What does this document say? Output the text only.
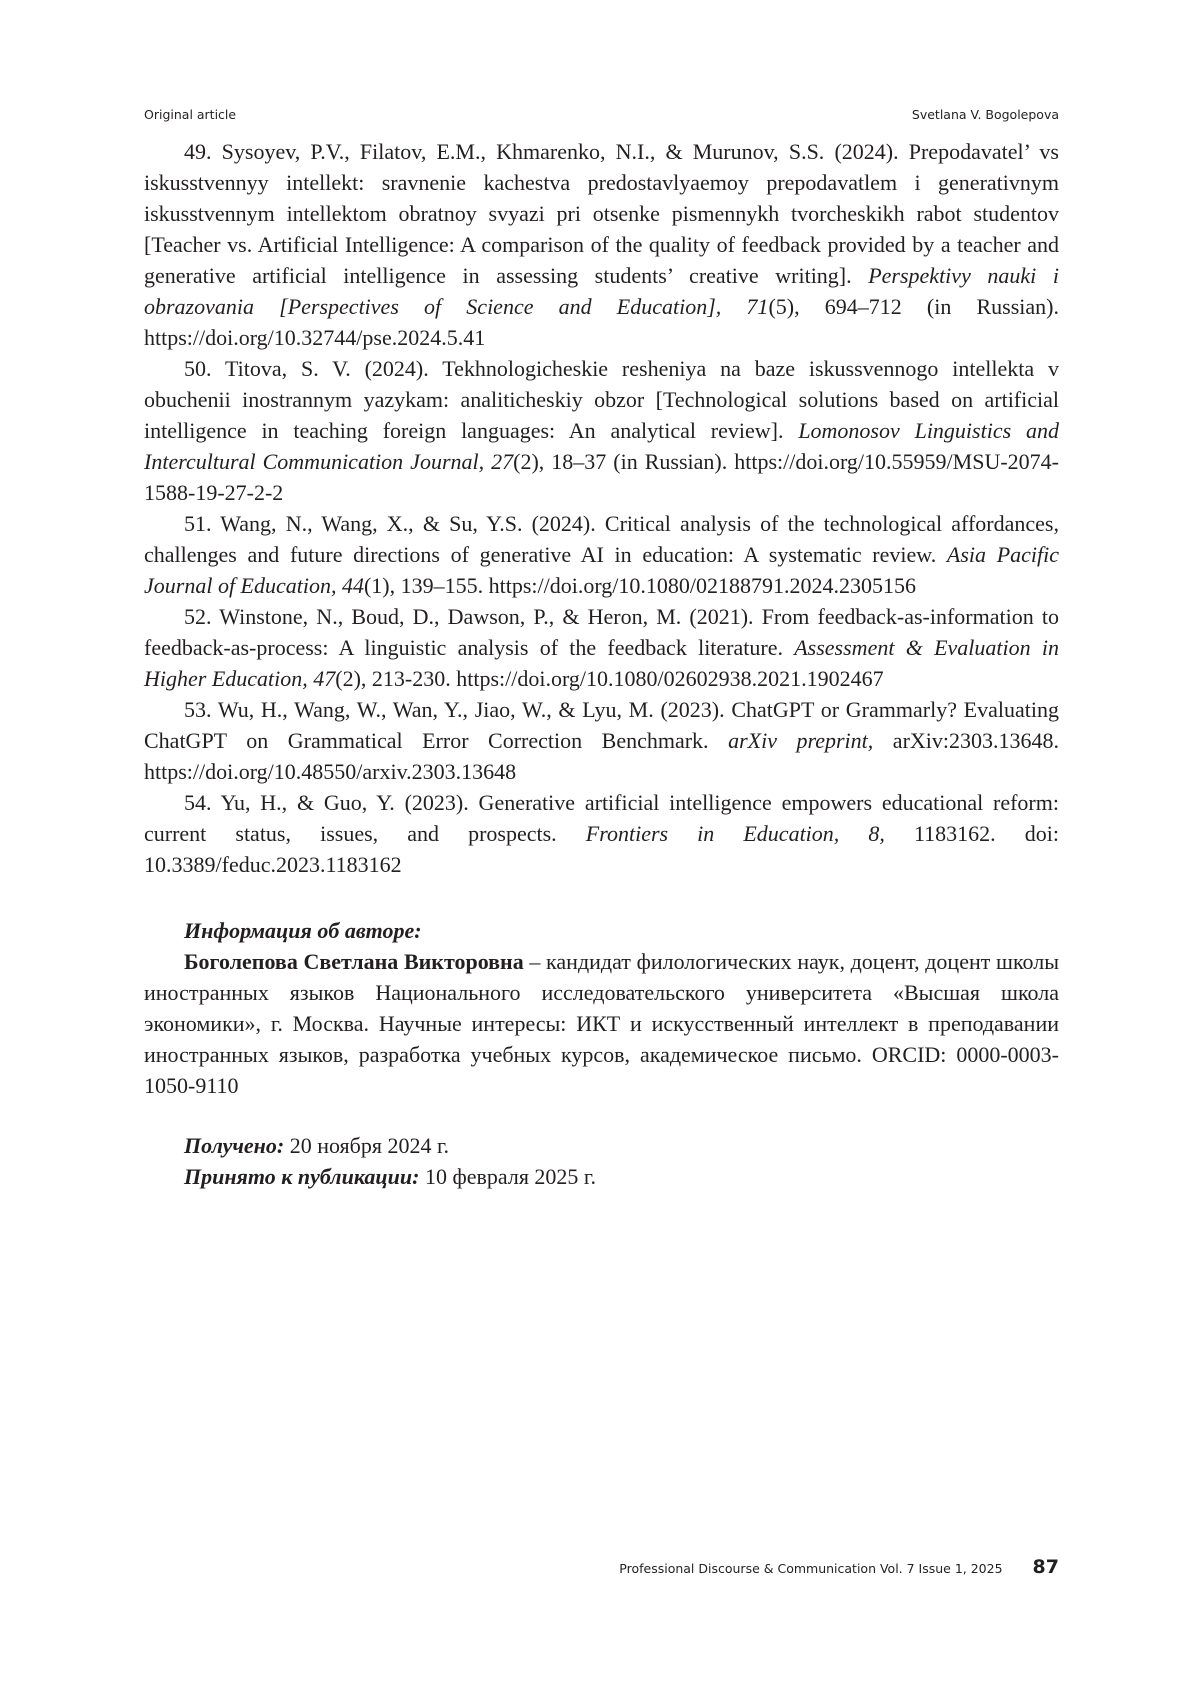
Original article	Svetlana V. Bogolepova

49. Sysoyev, P.V., Filatov, E.M., Khmarenko, N.I., & Murunov, S.S. (2024). Prepodavatel’ vs iskusstvennyy intellekt: sravnenie kachestva predostavlyaemoy prepodavatlem i generativnym iskusstvennym intellektom obratnoy svyazi pri otsenke pismennykh tvorcheskikh rabot studentov [Teacher vs. Artificial Intelligence: A comparison of the quality of feedback provided by a teacher and generative artificial intelligence in assessing students’ creative writing]. Perspektivy nauki i obrazovania [Perspectives of Science and Education], 71(5), 694–712 (in Russian). https://doi.org/10.32744/pse.2024.5.41

50. Titova, S. V. (2024). Tekhnologicheskie resheniya na baze iskussvennogo intellekta v obuchenii inostrannym yazykam: analiticheskiy obzor [Technological solutions based on artificial intelligence in teaching foreign languages: An analytical review]. Lomonosov Linguistics and Intercultural Communication Journal, 27(2), 18–37 (in Russian). https://doi.org/10.55959/MSU-2074-1588-19-27-2-2

51. Wang, N., Wang, X., & Su, Y.S. (2024). Critical analysis of the technological affordances, challenges and future directions of generative AI in education: A systematic review. Asia Pacific Journal of Education, 44(1), 139–155. https://doi.org/10.1080/02188791.2024.2305156

52. Winstone, N., Boud, D., Dawson, P., & Heron, M. (2021). From feedback-as-information to feedback-as-process: A linguistic analysis of the feedback literature. Assessment & Evaluation in Higher Education, 47(2), 213-230. https://doi.org/10.1080/02602938.2021.1902467

53. Wu, H., Wang, W., Wan, Y., Jiao, W., & Lyu, M. (2023). ChatGPT or Grammarly? Evaluating ChatGPT on Grammatical Error Correction Benchmark. arXiv preprint, arXiv:2303.13648. https://doi.org/10.48550/arxiv.2303.13648

54. Yu, H., & Guo, Y. (2023). Generative artificial intelligence empowers educational reform: current status, issues, and prospects. Frontiers in Education, 8, 1183162. doi: 10.3389/feduc.2023.1183162

Информация об авторе:

Боголепова Светлана Викторовна – кандидат филологических наук, доцент, доцент школы иностранных языков Национального исследовательского университета «Высшая школа экономики», г. Москва. Научные интересы: ИКТ и искусственный интеллект в преподавании иностранных языков, разработка учебных курсов, академическое письмо. ORCID: 0000-0003-1050-9110

Получено: 20 ноября 2024 г.

Принято к публикации: 10 февраля 2025 г.

Professional Discourse & Communication Vol. 7 Issue 1, 2025 87
